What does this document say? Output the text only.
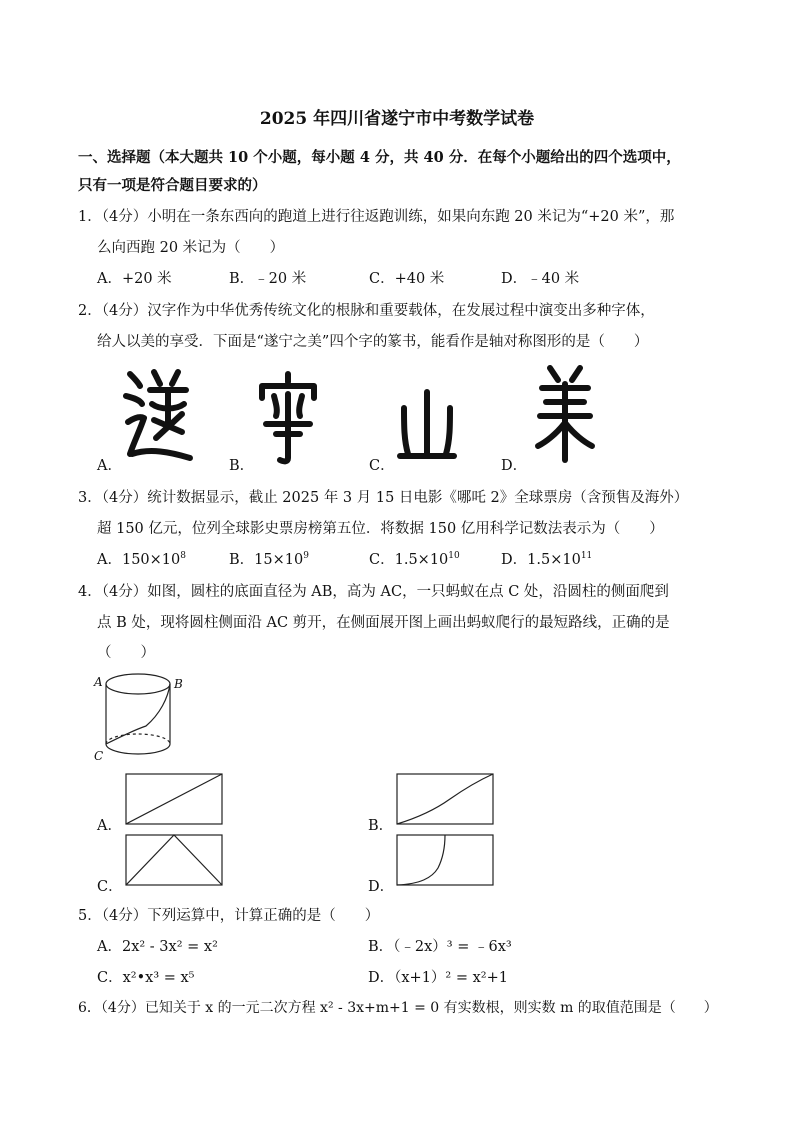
2025 年四川省遂宁市中考数学试卷
一、选择题（本大题共 10 个小题，每小题 4 分，共 40 分．在每个小题给出的四个选项中，
只有一项是符合题目要求的）
1．（4分）小明在一条东西向的跑道上进行往返跑训练，如果向东跑 20 米记为“+20 米”，那
么向西跑 20 米记为（　　）
A．+20 米	B．﹣20 米	C．+40 米	D．﹣40 米
2．（4分）汉字作为中华优秀传统文化的根脉和重要载体，在发展过程中演变出多种字体，
给人以美的享受．下面是“遂宁之美”四个字的篆书，能看作是轴对称图形的是（　　）
A．	B．	C．	D．
3．（4分）统计数据显示，截止 2025 年 3 月 15 日电影《哪吒 2》全球票房（含预售及海外）
超 150 亿元，位列全球影史票房榜第五位．将数据 150 亿用科学记数法表示为（　　）
A．$150\times 10^8$	B．$15\times 10^9$	C．$1.5\times 10^{10}$	D．$1.5\times 10^{11}$
4．（4分）如图，圆柱的底面直径为 AB，高为 AC，一只蚂蚁在点 C 处，沿圆柱的侧面爬到
点 B 处，现将圆柱侧面沿 AC 剪开，在侧面展开图上画出蚂蚁爬行的最短路线，正确的是
（　　）
A	B
C
A．	B．
C．	D．
5．（4分）下列运算中，计算正确的是（　　）
A．2x² - 3x² = x²	B．（﹣2x）³ = ﹣6x³
C．x²•x³ = x⁵	D．（x+1）² = x²+1
6．（4分）已知关于 x 的一元二次方程 x² - 3x+m+1 = 0 有实数根，则实数 m 的取值范围是（　　）
